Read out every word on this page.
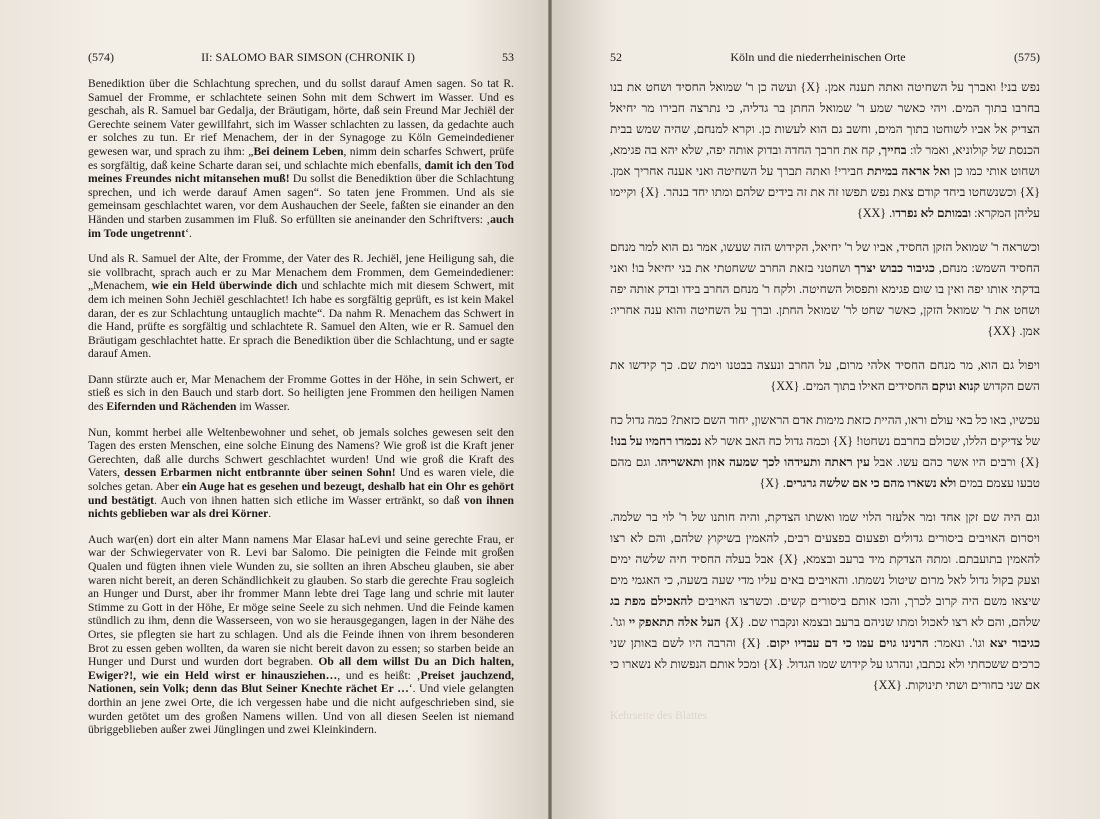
(574)	II: SALOMO BAR SIMSON (CHRONIK I)	53

Benediktion über die Schlachtung sprechen, und du sollst darauf Amen sagen. So tat R. Samuel der Fromme, er schlachtete seinen Sohn mit dem Schwert im Wasser. Und es geschah, als R. Samuel bar Gedalja, der Bräutigam, hörte, daß sein Freund Mar Jechiël der Gerechte seinem Vater gewillfahrt, sich im Wasser schlachten zu lassen, da gedachte auch er solches zu tun. Er rief Menachem, der in der Synagoge zu Köln Gemeindediener gewesen war, und sprach zu ihm: „Bei deinem Leben, nimm dein scharfes Schwert, prüfe es sorgfältig, daß keine Scharte daran sei, und schlachte mich ebenfalls, damit ich den Tod meines Freundes nicht mitansehen muß! Du sollst die Benediktion über die Schlachtung sprechen, und ich werde darauf Amen sagen“. So taten jene Frommen. Und als sie gemeinsam geschlachtet waren, vor dem Aushauchen der Seele, faßten sie einander an den Händen und starben zusammen im Fluß. So erfüllten sie aneinander den Schriftvers: ‚auch im Tode ungetrennt‘.

Und als R. Samuel der Alte, der Fromme, der Vater des R. Jechiël, jene Heiligung sah, die sie vollbracht, sprach auch er zu Mar Menachem dem Frommen, dem Gemeindediener: „Menachem, wie ein Held überwinde dich und schlachte mich mit diesem Schwert, mit dem ich meinen Sohn Jechiël geschlachtet! Ich habe es sorgfältig geprüft, es ist kein Makel daran, der es zur Schlachtung untauglich machte“. Da nahm R. Menachem das Schwert in die Hand, prüfte es sorgfältig und schlachtete R. Samuel den Alten, wie er R. Samuel den Bräutigam geschlachtet hatte. Er sprach die Benediktion über die Schlachtung, und er sagte darauf Amen.

Dann stürzte auch er, Mar Menachem der Fromme Gottes in der Höhe, in sein Schwert, er stieß es sich in den Bauch und starb dort. So heiligten jene Frommen den heiligen Namen des Eifernden und Rächenden im Wasser.

Nun, kommt herbei alle Weltenbewohner und sehet, ob jemals solches gewesen seit den Tagen des ersten Menschen, eine solche Einung des Namens? Wie groß ist die Kraft jener Gerechten, daß alle durchs Schwert geschlachtet wurden! Und wie groß die Kraft des Vaters, dessen Erbarmen nicht entbrannte über seinen Sohn! Und es waren viele, die solches getan. Aber ein Auge hat es gesehen und bezeugt, deshalb hat ein Ohr es gehört und bestätigt. Auch von ihnen hatten sich etliche im Wasser ertränkt, so daß von ihnen nichts geblieben war als drei Körner.

Auch war(en) dort ein alter Mann namens Mar Elasar haLevi und seine gerechte Frau, er war der Schwiegervater von R. Levi bar Salomo. Die peinigten die Feinde mit großen Qualen und fügten ihnen viele Wunden zu, sie sollten an ihren Abscheu glauben, sie aber waren nicht bereit, an deren Schändlichkeit zu glauben. So starb die gerechte Frau sogleich an Hunger und Durst, aber ihr frommer Mann lebte drei Tage lang und schrie mit lauter Stimme zu Gott in der Höhe, Er möge seine Seele zu sich nehmen. Und die Feinde kamen stündlich zu ihm, denn die Wasserseen, von wo sie herausgegangen, lagen in der Nähe des Ortes, sie pflegten sie hart zu schlagen. Und als die Feinde ihnen von ihrem besonderen Brot zu essen geben wollten, da waren sie nicht bereit davon zu essen; so starben beide an Hunger und Durst und wurden dort begraben. Ob all dem willst Du an Dich halten, Ewiger?!, wie ein Held wirst er hinausziehen…, und es heißt: ‚Preiset jauchzend, Nationen, sein Volk; denn das Blut Seiner Knechte rächet Er …‘. Und viele gelangten dorthin an jene zwei Orte, die ich vergessen habe und die nicht aufgeschrieben sind, sie wurden getötet um des großen Namens willen. Und von all diesen Seelen ist niemand übriggeblieben außer zwei Jünglingen und zwei Kleinkindern.

52	Köln und die niederrheinischen Orte	(575)

נפש בני! ואברך על השחיטה ואתה תענה אמן. {X} ועשה כן ר' שמואל החסיד ושחט את בנו בחרבו בתוך המים. ויהי כאשר שמע ר' שמואל החתן בר גדליה, כי נתרצה חבירו מר יחיאל הצדיק אל אביו לשוחטו בתוך המים, וחשב גם הוא לעשות כן. וקרא למנחם, שהיה שמש בבית הכנסת של קולוניא, ואמר לו: בחייך, קח את חרבך החדה ובדוק אותה יפה, שלא יהא בה פגימא, ושחוט אותי כמו כן ואל אראה במיתת חבירי! ואתה תברך על השחיטה ואני אענה אחריך אמן. {X} וכשנשחטו ביחד קודם צאת נפש תפשו זה את זה בידים שלהם ומתו יחד בנהר. {X} וקיימו עליהן המקרא: ובמותם לא נפרדו. {XX}

וכשראה ר' שמואל הזקן החסיד, אביו של ר' יחיאל, הקידוש הזה שעשו, אמר גם הוא למר מנחם החסיד השמש: מנחם, כגיבור כבוש יצרך ושחטני בזאת החרב ששחטתי את בני יחיאל בו! ואני בדקתי אותו יפה ואין בו שום פגימא ותפסול השחיטה. ולקח ר' מנחם החרב בידו ובדק אותה יפה ושחט את ר' שמואל הזקן, כאשר שחט לר' שמואל החתן. וברך על השחיטה והוא ענה אחריו: אמן. {XX}

ויפול גם הוא, מר מנחם החסיד אלהי מרום, על החרב ונעצה בבטנו וימת שם. כך קידשו את השם הקדוש קנוא ונוקם החסידים האילו בתוך המים. {XX}

עכשיו, באו כל באי עולם וראו, ההיית כזאת מימות אדם הראשון, יחוד השם כזאת? כמה גדול כח של צדיקים הללו, שכולם בחרבם נשחטו! {X} וכמה גדול כח האב אשר לא נכמרו רחמיו על בנו! {X} ורבים היו אשר כהם עשו. אבל עין ראתה ותעידהו לכך שמעה אוזן ותאשריהו. וגם מהם טבעו עצמם במים ולא נשארו מהם כי אם שלשה גרגרים. {X}

וגם היה שם זקן אחד ומר אלעזר הלוי שמו ואשתו הצדקת, והיה חותנו של ר' לוי בר שלמה. ויסרום האויבים ביסורים גדולים ופצעום בפצעים רבים, להאמין בשיקוץ שלהם, והם לא רצו להאמין בתועבתם. ומתה הצדקת מיד ברעב ובצמא, {X} אבל בעלה החסיד חיה שלשה ימים וצעק בקול גדול לאל מרום שיטול נשמתו. והאויבים באים עליו מדי שעה בשעה, כי האגמי מים שיצאו משם היה קרוב לכרך, והכו אותם ביסורים קשים. וכשרצו האויבים להאכילם מפת בג שלהם, והם לא רצו לאכול ומתו שניהם ברעב ובצמא ונקברו שם. {X} העל אלה תתאפק יי וגו'. כגיבור יצא וגו'. ונאמר: הרנינו גוים עמו כי דם עבדיו יקום. {X} והרבה היו לשם באותן שני כרכים ששכחתי ולא נכתבו, ונהרגו על קידוש שמו הגדול. {X} ומכל אותם הנפשות לא נשארו כי אם שני בחורים ושתי תינוקות. {XX}

Kehrseite des Blattes
